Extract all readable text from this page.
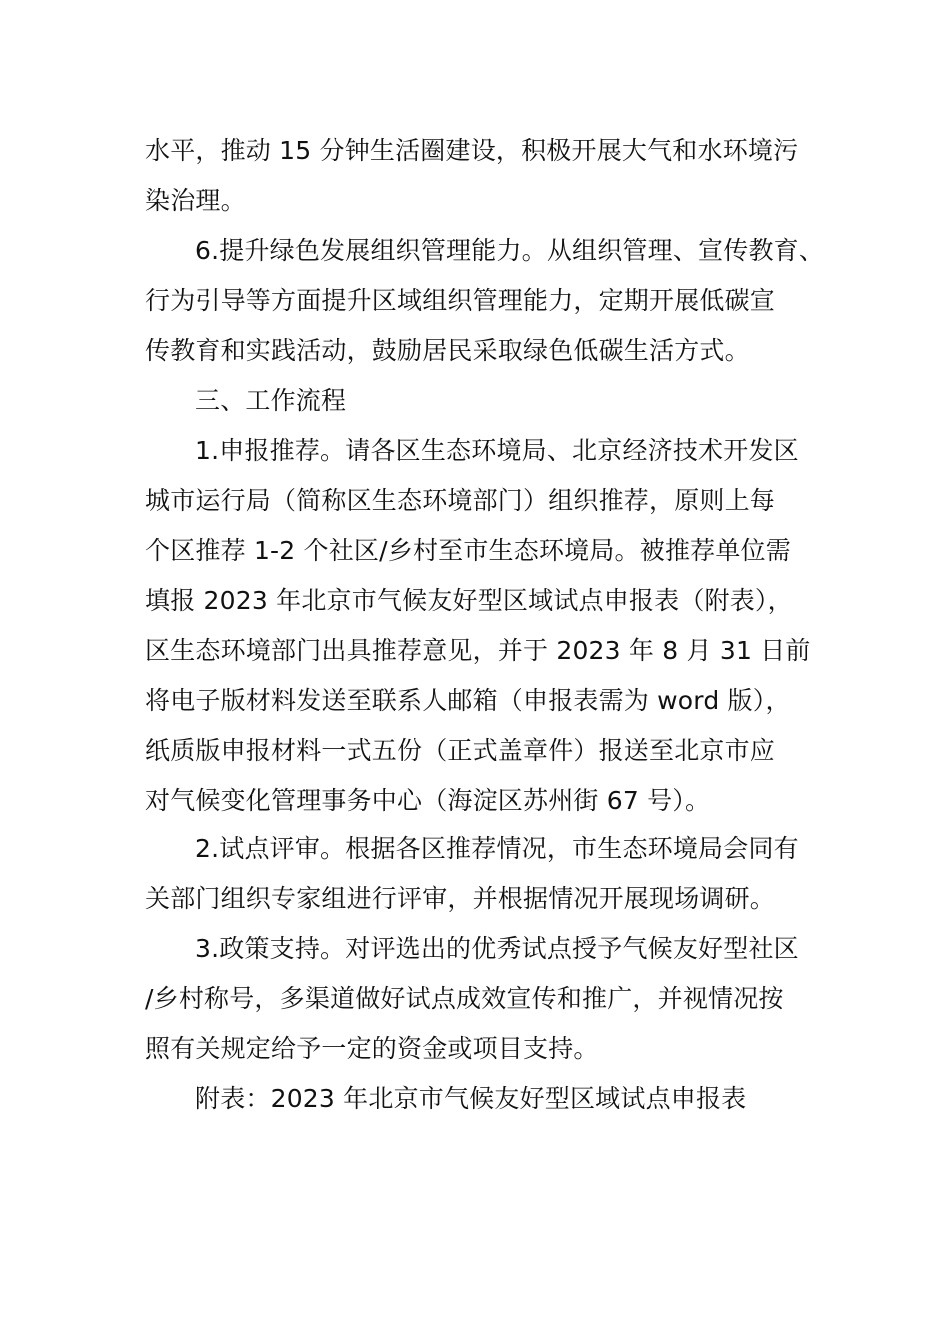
水平，推动 15 分钟生活圈建设，积极开展大气和水环境污
染治理。
6.提升绿色发展组织管理能力。从组织管理、宣传教育、
行为引导等方面提升区域组织管理能力，定期开展低碳宣
传教育和实践活动，鼓励居民采取绿色低碳生活方式。
三、工作流程
1.申报推荐。请各区生态环境局、北京经济技术开发区
城市运行局（简称区生态环境部门）组织推荐，原则上每
个区推荐 1-2 个社区/乡村至市生态环境局。被推荐单位需
填报 2023 年北京市气候友好型区域试点申报表（附表），
区生态环境部门出具推荐意见，并于 2023 年 8 月 31 日前
将电子版材料发送至联系人邮箱（申报表需为 word 版），
纸质版申报材料一式五份（正式盖章件）报送至北京市应
对气候变化管理事务中心（海淀区苏州街 67 号）。
2.试点评审。根据各区推荐情况，市生态环境局会同有
关部门组织专家组进行评审，并根据情况开展现场调研。
3.政策支持。对评选出的优秀试点授予气候友好型社区
/乡村称号，多渠道做好试点成效宣传和推广，并视情况按
照有关规定给予一定的资金或项目支持。
附表：2023 年北京市气候友好型区域试点申报表
